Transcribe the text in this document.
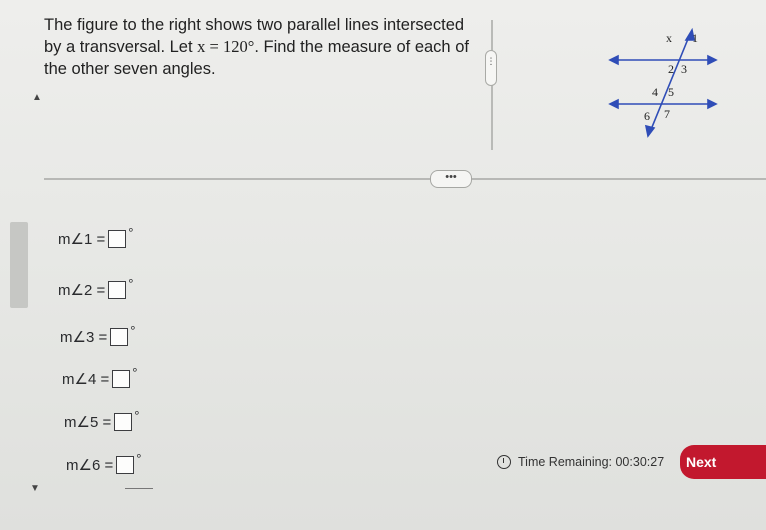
The figure to the right shows two parallel lines intersected by a transversal. Let x = 120°. Find the measure of each of the other seven angles.
x 1
2 3
4 5
6 7
⋮
•••
▲
▼
m∠1 = °
m∠2 = °
m∠3 = °
m∠4 = °
m∠5 = °
m∠6 = °	Time Remaining: 00:30:27	Next
